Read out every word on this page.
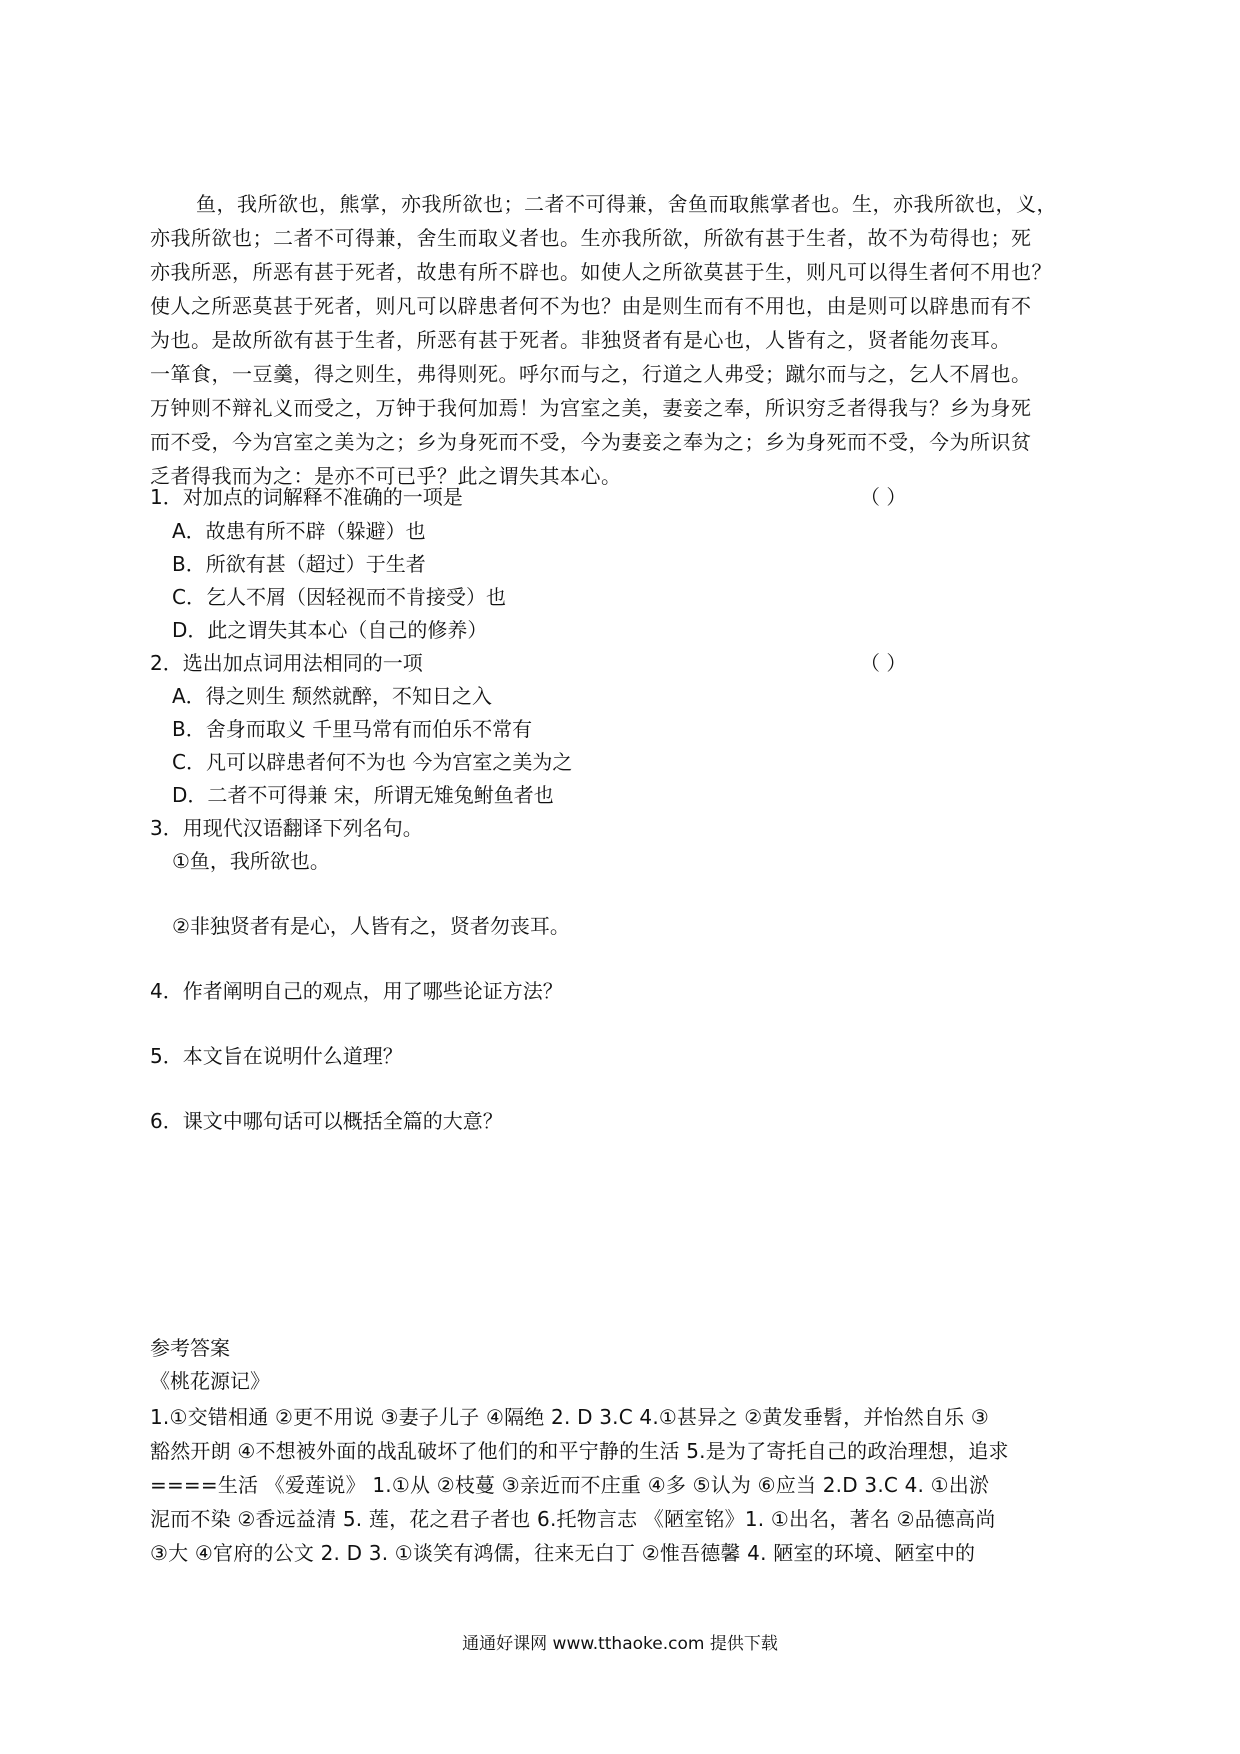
鱼，我所欲也，熊掌，亦我所欲也；二者不可得兼，舍鱼而取熊掌者也。生，亦我所欲也，义，
亦我所欲也；二者不可得兼，舍生而取义者也。生亦我所欲，所欲有甚于生者，故不为苟得也；死
亦我所恶，所恶有甚于死者，故患有所不辟也。如使人之所欲莫甚于生，则凡可以得生者何不用也？
使人之所恶莫甚于死者，则凡可以辟患者何不为也？由是则生而有不用也，由是则可以辟患而有不
为也。是故所欲有甚于生者，所恶有甚于死者。非独贤者有是心也，人皆有之，贤者能勿丧耳。
一箪食，一豆羹，得之则生，弗得则死。呼尔而与之，行道之人弗受；蹴尔而与之，乞人不屑也。
万钟则不辩礼义而受之，万钟于我何加焉！为宫室之美，妻妾之奉，所识穷乏者得我与？乡为身死
而不受，今为宫室之美为之；乡为身死而不受，今为妻妾之奉为之；乡为身死而不受，今为所识贫
乏者得我而为之：是亦不可已乎？此之谓失其本心。
1．对加点的词解释不准确的一项是	（ ）
A．故患有所不辟（躲避）也
B．所欲有甚（超过）于生者
C．乞人不屑（因轻视而不肯接受）也
D．此之谓失其本心（自己的修养）
2．选出加点词用法相同的一项	（ ）
A．得之则生 颓然就醉，不知日之入
B．舍身而取义 千里马常有而伯乐不常有
C．凡可以辟患者何不为也 今为宫室之美为之
D．二者不可得兼 宋，所谓无雉兔鲋鱼者也
3．用现代汉语翻译下列名句。
①鱼，我所欲也。
②非独贤者有是心，人皆有之，贤者勿丧耳。
4．作者阐明自己的观点，用了哪些论证方法？
5．本文旨在说明什么道理？
6．课文中哪句话可以概括全篇的大意？
参考答案
《桃花源记》
1.①交错相通 ②更不用说 ③妻子儿子 ④隔绝 2. D 3.C 4.①甚异之 ②黄发垂髫，并怡然自乐 ③
豁然开朗 ④不想被外面的战乱破坏了他们的和平宁静的生活 5.是为了寄托自己的政治理想，追求
====生活 《爱莲说》 1.①从 ②枝蔓 ③亲近而不庄重 ④多 ⑤认为 ⑥应当 2.D 3.C 4. ①出淤
泥而不染 ②香远益清 5. 莲，花之君子者也 6.托物言志 《陋室铭》1. ①出名，著名 ②品德高尚
③大 ④官府的公文 2. D 3. ①谈笑有鸿儒，往来无白丁 ②惟吾德馨 4. 陋室的环境、陋室中的
通通好课网 www.tthaoke.com 提供下载
